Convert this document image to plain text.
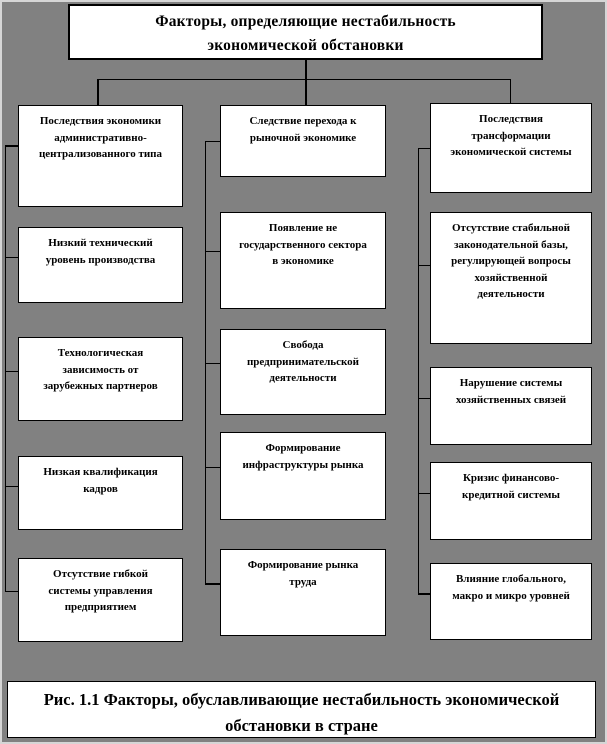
Факторы, определяющие нестабильность
экономической обстановки
Последствия экономики административно-централизованного типа
Низкий технический уровень производства
Технологическая зависимость от зарубежных партнеров
Низкая квалификация кадров
Отсутствие гибкой системы управления предприятием
Следствие перехода к рыночной экономике
Появление не государственного сектора в экономике
Свобода предпринимательской деятельности
Формирование инфраструктуры рынка
Формирование рынка труда
Последствия трансформации экономической системы
Отсутствие стабильной законодательной базы, регулирующей вопросы хозяйственной деятельности
Нарушение системы хозяйственных связей
Кризис финансово-кредитной системы
Влияние глобального, макро и микро уровней
Рис. 1.1 Факторы, обуславливающие нестабильность экономической
обстановки в стране
